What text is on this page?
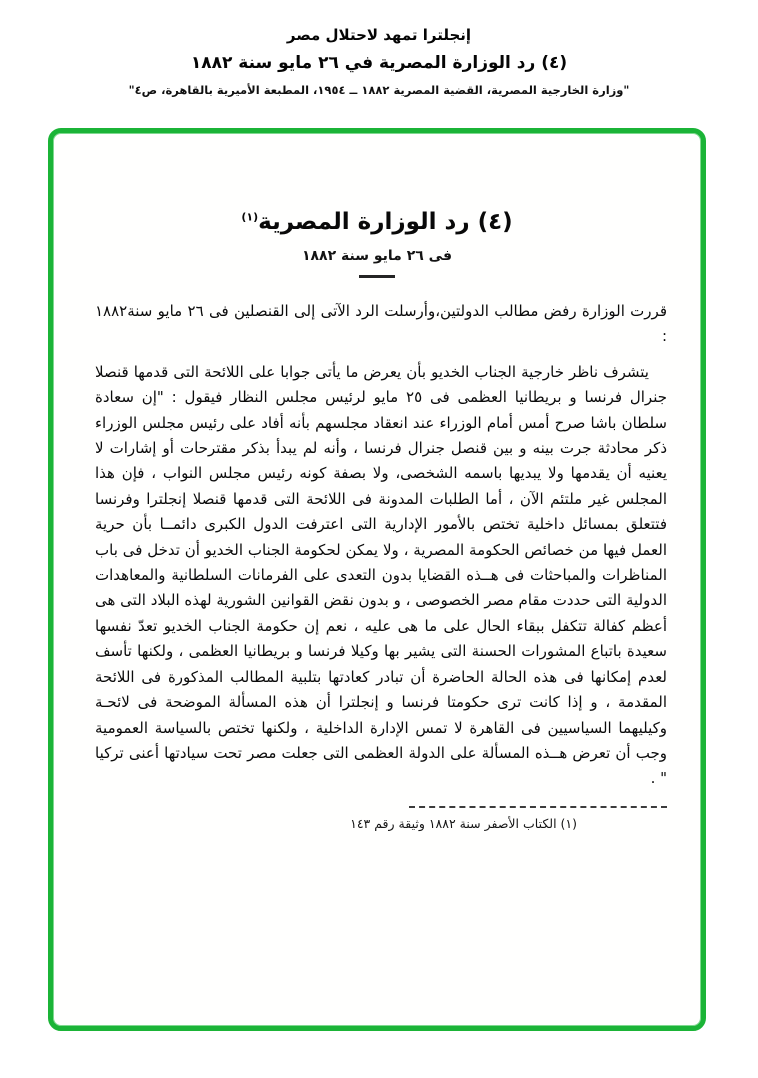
إنجلترا تمهد لاحتلال مصر
(٤) رد الوزارة المصرية في ٢٦ مايو سنة ١٨٨٢
"وزارة الخارجية المصرية، القضية المصرية ١٨٨٢ ــ ١٩٥٤، المطبعة الأميرية بالقاهرة، ص٤"
(٤) رد الوزارة المصرية$^{(١)}$
فى ٢٦ مايو سنة ١٨٨٢

قررت الوزارة رفض مطالب الدولتين،وأرسلت الرد الآتى إلى القنصلين فى ٢٦ مايو سنة١٨٨٢ :

يتشرف ناظر خارجية الجناب الخديو بأن يعرض ما يأتى جوابا على اللائحة التى قدمها قنصلا جنرال فرنسا و بريطانيا العظمى فى ٢٥ مايو لرئيس مجلس النظار فيقول : "إن سعادة سلطان باشا صرح أمس أمام الوزراء عند انعقاد مجلسهم بأنه أفاد على رئيس مجلس الوزراء ذكر محادثة جرت بينه و بين قنصل جنرال فرنسا ، وأنه لم يبدأ بذكر مقترحات أو إشارات لا يعنيه أن يقدمها ولا يبديها باسمه الشخصى، ولا بصفة كونه رئيس مجلس النواب ، فإن هذا المجلس غير ملتئم الآن ، أما الطلبات المدونة فى اللائحة التى قدمها قنصلا إنجلترا وفرنسا فتتعلق بمسائل داخلية تختص بالأمور الإدارية التى اعترفت الدول الكبرى دائمــا بأن حرية العمل فيها من خصائص الحكومة المصرية ، ولا يمكن لحكومة الجناب الخديو أن تدخل فى باب المناظرات والمباحثات فى هــذه القضايا بدون التعدى على الفرمانات السلطانية والمعاهدات الدولية التى حددت مقام مصر الخصوصى ، و بدون نقض القوانين الشورية لهذه البلاد التى هى أعظم كفالة تتكفل ببقاء الحال على ما هى عليه ، نعم إن حكومة الجناب الخديو تعدّ نفسها سعيدة باتباع المشورات الحسنة التى يشير بها وكيلا فرنسا و بريطانيا العظمى ، ولكنها تأسف لعدم إمكانها فى هذه الحالة الحاضرة أن تبادر كعادتها بتلبية المطالب المذكورة فى اللائحة المقدمة ، و إذا كانت ترى حكومتا فرنسا و إنجلترا أن هذه المسألة الموضحة فى لائحـة وكيليهما السياسيين فى القاهرة لا تمس الإدارة الداخلية ، ولكنها تختص بالسياسة العمومية وجب أن تعرض هــذه المسألة على الدولة العظمى التى جعلت مصر تحت سيادتها أعنى تركيا " .

(١) الكتاب الأصفر سنة ١٨٨٢ وثيقة رقم ١٤٣
